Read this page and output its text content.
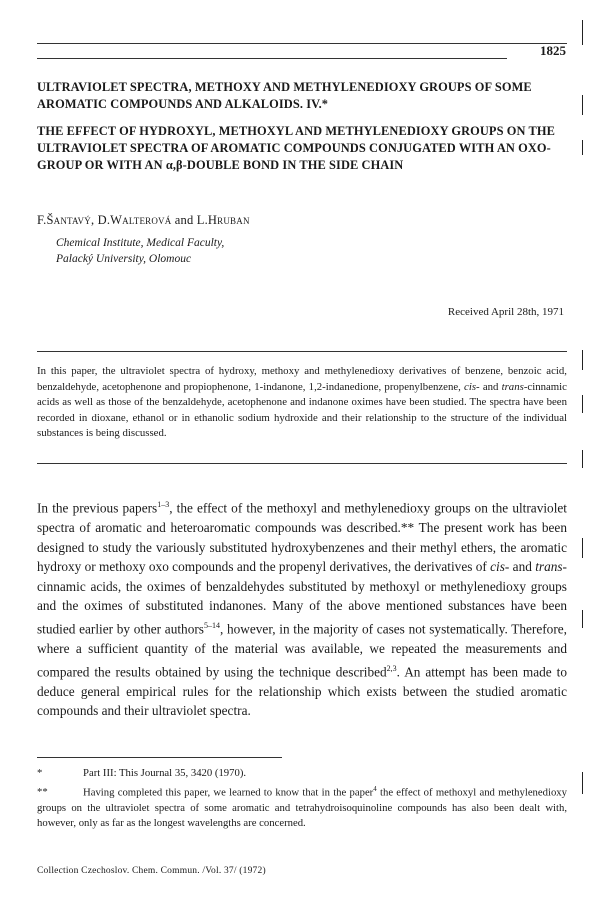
1825

ULTRAVIOLET SPECTRA, METHOXY AND METHYLENEDIOXY GROUPS OF SOME AROMATIC COMPOUNDS AND ALKALOIDS. IV.*

THE EFFECT OF HYDROXYL, METHOXYL AND METHYLENEDIOXY GROUPS ON THE ULTRAVIOLET SPECTRA OF AROMATIC COMPOUNDS CONJUGATED WITH AN OXO-GROUP OR WITH AN α,β-DOUBLE BOND IN THE SIDE CHAIN

F.Šantavý, D.Walterová and L.Hruban
Chemical Institute, Medical Faculty,
Palacký University, Olomouc
Received April 28th, 1971

In this paper, the ultraviolet spectra of hydroxy, methoxy and methylenedioxy derivatives of benzene, benzoic acid, benzaldehyde, acetophenone and propiophenone, 1-indanone, 1,2-indanedione, propenylbenzene, cis- and trans-cinnamic acids as well as those of the benzaldehyde, acetophenone and indanone oximes have been studied. The spectra have been recorded in dioxane, ethanol or in ethanolic sodium hydroxide and their relationship to the structure of the individual substances is being discussed.

In the previous papers$^{1-3}$, the effect of the methoxyl and methylenedioxy groups on the ultraviolet spectra of aromatic and heteroaromatic compounds was described.** The present work has been designed to study the variously substituted hydroxybenzenes and their methyl ethers, the aromatic hydroxy or methoxy oxo compounds and the propenyl derivatives, the derivatives of cis- and trans-cinnamic acids, the oximes of benzaldehydes substituted by methoxyl or methylenedioxy groups and the oximes of substituted indanones. Many of the above mentioned substances have been studied earlier by other authors$^{5-14}$, however, in the majority of cases not systematically. Therefore, where a sufficient quantity of the material was available, we repeated the measurements and compared the results obtained by using the technique described$^{2,3}$. An attempt has been made to deduce general empirical rules for the relationship which exists between the studied aromatic compounds and their ultraviolet spectra.

*	Part III: This Journal 35, 3420 (1970).
**	Having completed this paper, we learned to know that in the paper$^4$ the effect of methoxyl and methylenedioxy groups on the ultraviolet spectra of some aromatic and tetrahydroisoquinoline compounds has also been dealt with, however, only as far as the longest wavelengths are concerned.
Collection Czechoslov. Chem. Commun. /Vol. 37/ (1972)
